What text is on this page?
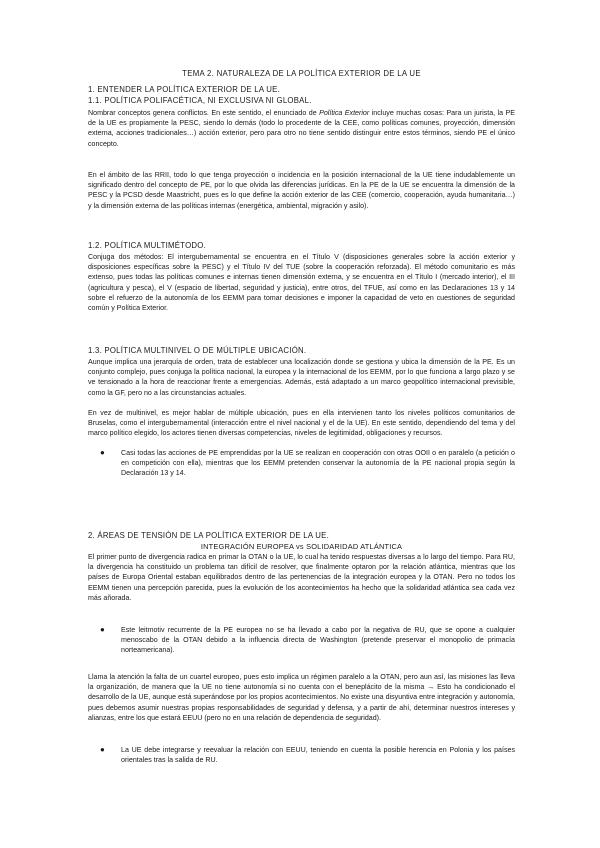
TEMA 2. NATURALEZA DE LA POLÍTICA EXTERIOR DE LA UE
1. ENTENDER LA POLÍTICA EXTERIOR DE LA UE.
1.1. POLÍTICA POLIFACÉTICA, NI EXCLUSIVA NI GLOBAL.

Nombrar conceptos genera conflictos. En este sentido, el enunciado de Política Exterior incluye muchas cosas: Para un jurista, la PE de la UE es propiamente la PESC, siendo lo demás (todo lo procedente de la CEE, como políticas comunes, proyección, dimensión externa, acciones tradicionales…) acción exterior, pero para otro no tiene sentido distinguir entre estos términos, siendo PE el único concepto.

En el ámbito de las RRII, todo lo que tenga proyección o incidencia en la posición internacional de la UE tiene indudablemente un significado dentro del concepto de PE, por lo que olvida las diferencias jurídicas. En la PE de la UE se encuentra la dimensión de la PESC y la PCSD desde Maastricht, pues es lo que define la acción exterior de las CEE (comercio, cooperación, ayuda humanitaria…) y la dimensión externa de las políticas internas (energética, ambiental, migración y asilo).

1.2. POLÍTICA MULTIMÉTODO.

Conjuga dos métodos: El intergubernamental se encuentra en el Título V (disposiciones generales sobre la acción exterior y disposiciones específicas sobre la PESC) y el Título IV del TUE (sobre la cooperación reforzada). El método comunitario es más extenso, pues todas las políticas comunes e internas tienen dimensión externa, y se encuentra en el Título I (mercado interior), el III (agricultura y pesca), el V (espacio de libertad, seguridad y justicia), entre otros, del TFUE, así como en las Declaraciones 13 y 14 sobre el refuerzo de la autonomía de los EEMM para tomar decisiones e imponer la capacidad de veto en cuestiones de seguridad común y Política Exterior.

1.3. POLÍTICA MULTINIVEL O DE MÚLTIPLE UBICACIÓN.

Aunque implica una jerarquía de orden, trata de establecer una localización donde se gestiona y ubica la dimensión de la PE. Es un conjunto complejo, pues conjuga la política nacional, la europea y la internacional de los EEMM, por lo que funciona a largo plazo y se ve tensionado a la hora de reaccionar frente a emergencias. Además, está adaptado a un marco geopolítico internacional previsible, como la GF, pero no a las circunstancias actuales.

En vez de multinivel, es mejor hablar de múltiple ubicación, pues en ella intervienen tanto los niveles políticos comunitarios de Bruselas, como el intergubernamental (interacción entre el nivel nacional y el de la UE). En este sentido, dependiendo del tema y del marco político elegido, los actores tienen diversas competencias, niveles de legitimidad, obligaciones y recursos.

●	Casi todas las acciones de PE emprendidas por la UE se realizan en cooperación con otras OOII o en paralelo (a petición o en competición con ella), mientras que los EEMM pretenden conservar la autonomía de la PE nacional propia según la Declaración 13 y 14.
2. ÁREAS DE TENSIÓN DE LA POLÍTICA EXTERIOR DE LA UE.
INTEGRACIÓN EUROPEA vs SOLIDARIDAD ATLÁNTICA

El primer punto de divergencia radica en primar la OTAN o la UE, lo cual ha tenido respuestas diversas a lo largo del tiempo. Para RU, la divergencia ha constituido un problema tan difícil de resolver, que finalmente optaron por la relación atlántica, mientras que los países de Europa Oriental estaban equilibrados dentro de las pertenencias de la integración europea y la OTAN. Pero no todos los EEMM tienen una percepción parecida, pues la evolución de los acontecimientos ha hecho que la solidaridad atlántica sea cada vez más añorada.

●	Este leitmotiv recurrente de la PE europea no se ha llevado a cabo por la negativa de RU, que se opone a cualquier menoscabo de la OTAN debido a la influencia directa de Washington (pretende preservar el monopolio de primacía norteamericana).

Llama la atención la falta de un cuartel europeo, pues esto implica un régimen paralelo a la OTAN, pero aun así, las misiones las lleva la organización, de manera que la UE no tiene autonomía si no cuenta con el beneplácito de la misma → Esto ha condicionado el desarrollo de la UE, aunque está superándose por los propios acontecimientos. No existe una disyuntiva entre integración y autonomía, pues debemos asumir nuestras propias responsabilidades de seguridad y defensa, y a partir de ahí, determinar nuestros intereses y alianzas, entre los que estará EEUU (pero no en una relación de dependencia de seguridad).

●	La UE debe integrarse y reevaluar la relación con EEUU, teniendo en cuenta la posible herencia en Polonia y los países orientales tras la salida de RU.
